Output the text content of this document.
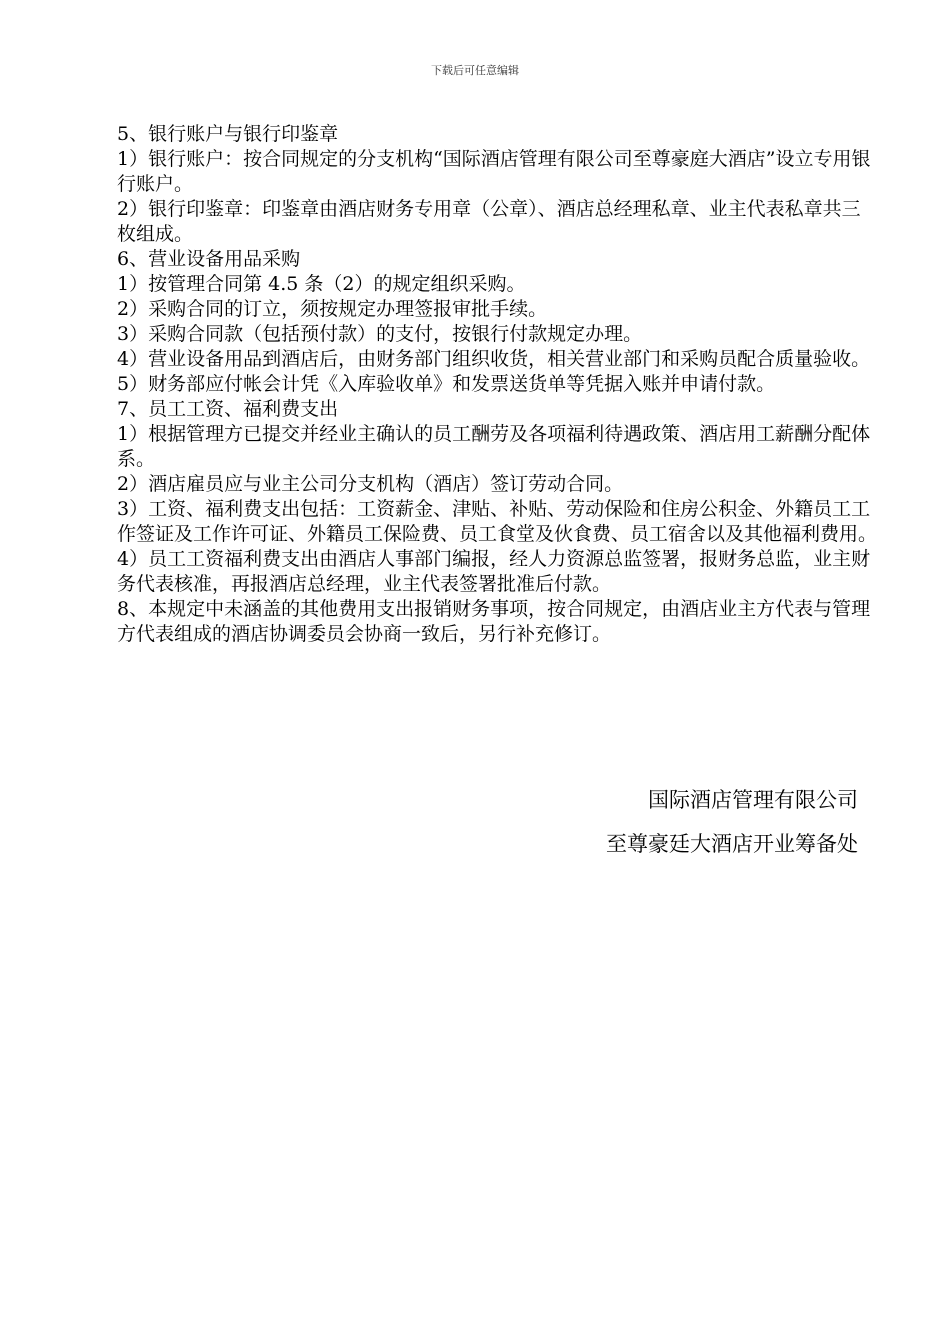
下载后可任意编辑

5、银行账户与银行印鉴章

1）银行账户：按合同规定的分支机构“国际酒店管理有限公司至尊豪庭大酒店”设立专用银行账户。

2）银行印鉴章：印鉴章由酒店财务专用章（公章）、酒店总经理私章、业主代表私章共三枚组成。

6、营业设备用品采购

1）按管理合同第 4.5 条（2）的规定组织采购。

2）采购合同的订立，须按规定办理签报审批手续。

3）采购合同款（包括预付款）的支付，按银行付款规定办理。

4）营业设备用品到酒店后，由财务部门组织收货，相关营业部门和采购员配合质量验收。

5）财务部应付帐会计凭《入库验收单》和发票送货单等凭据入账并申请付款。

7、员工工资、福利费支出

1）根据管理方已提交并经业主确认的员工酬劳及各项福利待遇政策、酒店用工薪酬分配体系。

2）酒店雇员应与业主公司分支机构（酒店）签订劳动合同。

3）工资、福利费支出包括：工资薪金、津贴、补贴、劳动保险和住房公积金、外籍员工工作签证及工作许可证、外籍员工保险费、员工食堂及伙食费、员工宿舍以及其他福利费用。

4）员工工资福利费支出由酒店人事部门编报，经人力资源总监签署，报财务总监，业主财务代表核准，再报酒店总经理，业主代表签署批准后付款。

8、本规定中未涵盖的其他费用支出报销财务事项，按合同规定，由酒店业主方代表与管理方代表组成的酒店协调委员会协商一致后，另行补充修订。

国际酒店管理有限公司

至尊豪廷大酒店开业筹备处
